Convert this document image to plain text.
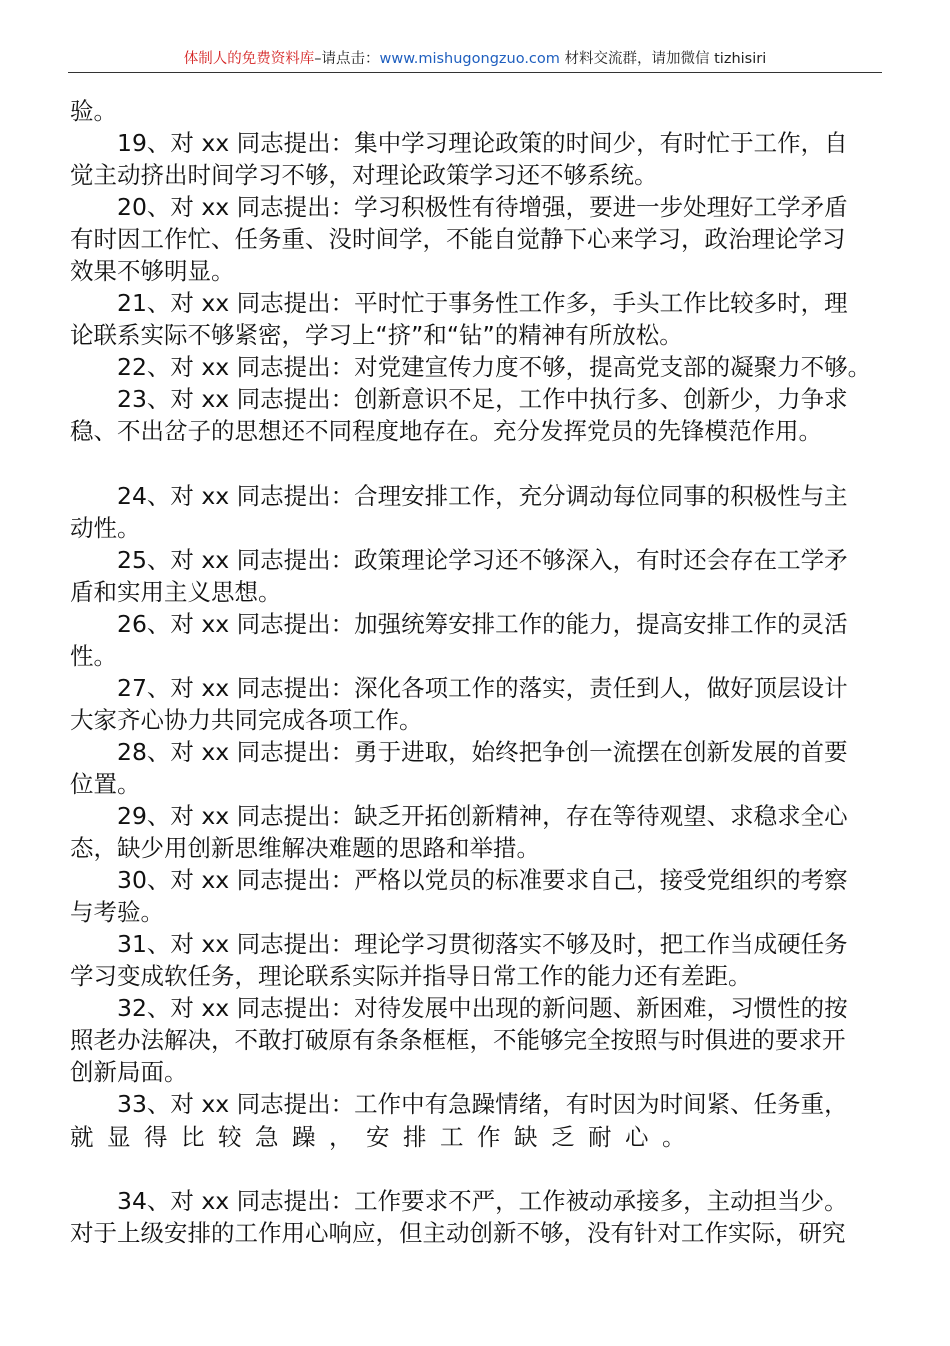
体制人的免费资料库–请点击：www.mishugongzuo.com 材料交流群，请加微信 tizhisiri
验。
19、对 xx 同志提出：集中学习理论政策的时间少，有时忙于工作，自
觉主动挤出时间学习不够，对理论政策学习还不够系统。
20、对 xx 同志提出：学习积极性有待增强，要进一步处理好工学矛盾
有时因工作忙、任务重、没时间学，不能自觉静下心来学习，政治理论学习
效果不够明显。
21、对 xx 同志提出：平时忙于事务性工作多，手头工作比较多时，理
论联系实际不够紧密，学习上“挤”和“钻”的精神有所放松。
22、对 xx 同志提出：对党建宣传力度不够，提高党支部的凝聚力不够。
23、对 xx 同志提出：创新意识不足，工作中执行多、创新少，力争求
稳、不出岔子的思想还不同程度地存在。充分发挥党员的先锋模范作用。
24、对 xx 同志提出：合理安排工作，充分调动每位同事的积极性与主
动性。
25、对 xx 同志提出：政策理论学习还不够深入，有时还会存在工学矛
盾和实用主义思想。
26、对 xx 同志提出：加强统筹安排工作的能力，提高安排工作的灵活
性。
27、对 xx 同志提出：深化各项工作的落实，责任到人，做好顶层设计
大家齐心协力共同完成各项工作。
28、对 xx 同志提出：勇于进取，始终把争创一流摆在创新发展的首要
位置。
29、对 xx 同志提出：缺乏开拓创新精神，存在等待观望、求稳求全心
态，缺少用创新思维解决难题的思路和举措。
30、对 xx 同志提出：严格以党员的标准要求自己，接受党组织的考察
与考验。
31、对 xx 同志提出：理论学习贯彻落实不够及时，把工作当成硬任务
学习变成软任务，理论联系实际并指导日常工作的能力还有差距。
32、对 xx 同志提出：对待发展中出现的新问题、新困难，习惯性的按
照老办法解决，不敢打破原有条条框框，不能够完全按照与时俱进的要求开
创新局面。
33、对 xx 同志提出：工作中有急躁情绪，有时因为时间紧、任务重，
就显得比较急躁，安排工作缺乏耐心。
34、对 xx 同志提出：工作要求不严，工作被动承接多，主动担当少。
对于上级安排的工作用心响应，但主动创新不够，没有针对工作实际，研究
